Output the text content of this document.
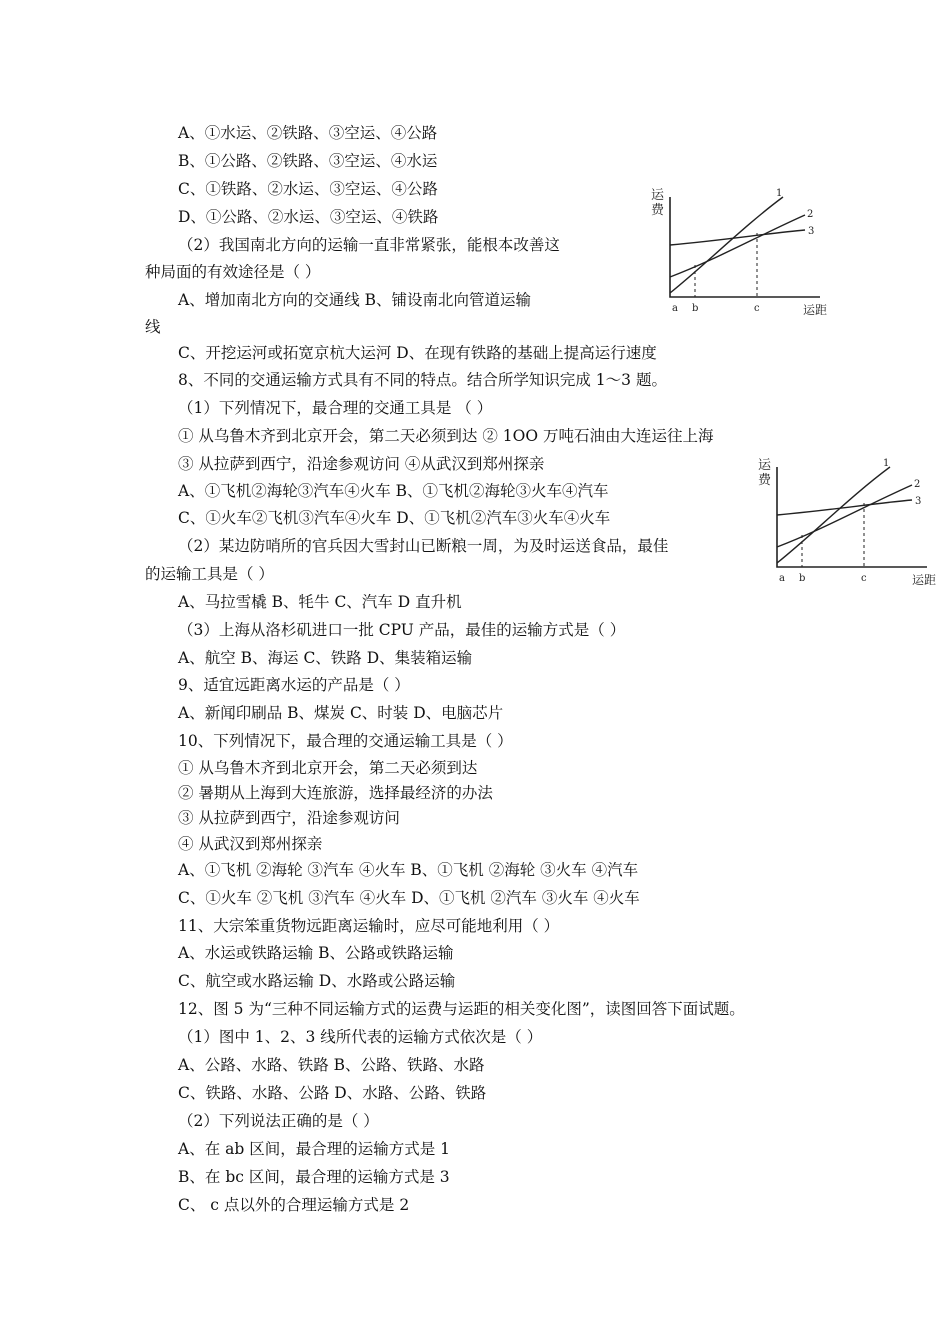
A、①水运、②铁路、③空运、④公路
B、①公路、②铁路、③空运、④水运
C、①铁路、②水运、③空运、④公路
D、①公路、②水运、③空运、④铁路
（2）我国南北方向的运输一直非常紧张，能根本改善这
种局面的有效途径是（ ）
A、增加南北方向的交通线 B、铺设南北向管道运输
线
C、开挖运河或拓宽京杭大运河 D、在现有铁路的基础上提高运行速度
8、不同的交通运输方式具有不同的特点。结合所学知识完成 1～3 题。
（1）下列情况下，最合理的交通工具是 （ ）
① 从乌鲁木齐到北京开会，第二天必须到达 ② 1OO 万吨石油由大连运往上海
③ 从拉萨到西宁，沿途参观访问 ④从武汉到郑州探亲
A、①飞机②海轮③汽车④火车 B、①飞机②海轮③火车④汽车
C、①火车②飞机③汽车④火车 D、①飞机②汽车③火车④火车
（2）某边防哨所的官兵因大雪封山已断粮一周，为及时运送食品，最佳
的运输工具是（ ）
A、马拉雪橇 B、牦牛 C、汽车 D 直升机
（3）上海从洛杉矶进口一批 CPU 产品，最佳的运输方式是（ ）
A、航空 B、海运 C、铁路 D、集装箱运输
9、适宜远距离水运的产品是（ ）
A、新闻印刷品 B、煤炭 C、时装 D、电脑芯片
10、下列情况下，最合理的交通运输工具是（ ）
① 从乌鲁木齐到北京开会，第二天必须到达
② 暑期从上海到大连旅游，选择最经济的办法
③ 从拉萨到西宁，沿途参观访问
④ 从武汉到郑州探亲
A、①飞机 ②海轮 ③汽车 ④火车 B、①飞机 ②海轮 ③火车 ④汽车
C、①火车 ②飞机 ③汽车 ④火车 D、①飞机 ②汽车 ③火车 ④火车
11、大宗笨重货物远距离运输时，应尽可能地利用（ ）
A、水运或铁路运输 B、公路或铁路运输
C、航空或水路运输 D、水路或公路运输
12、图 5 为“三种不同运输方式的运费与运距的相关变化图”，读图回答下面试题。
（1）图中 1、2、3 线所代表的运输方式依次是（ ）
A、公路、水路、铁路 B、公路、铁路、水路
C、铁路、水路、公路 D、水路、公路、铁路
（2）下列说法正确的是（ ）
A、在 ab 区间，最合理的运输方式是 1
B、在 bc 区间，最合理的运输方式是 3
C、 c 点以外的合理运输方式是 2
运
费
1
2
3
a b	c	运距
运
费
1
2
3
a b	c	运距
